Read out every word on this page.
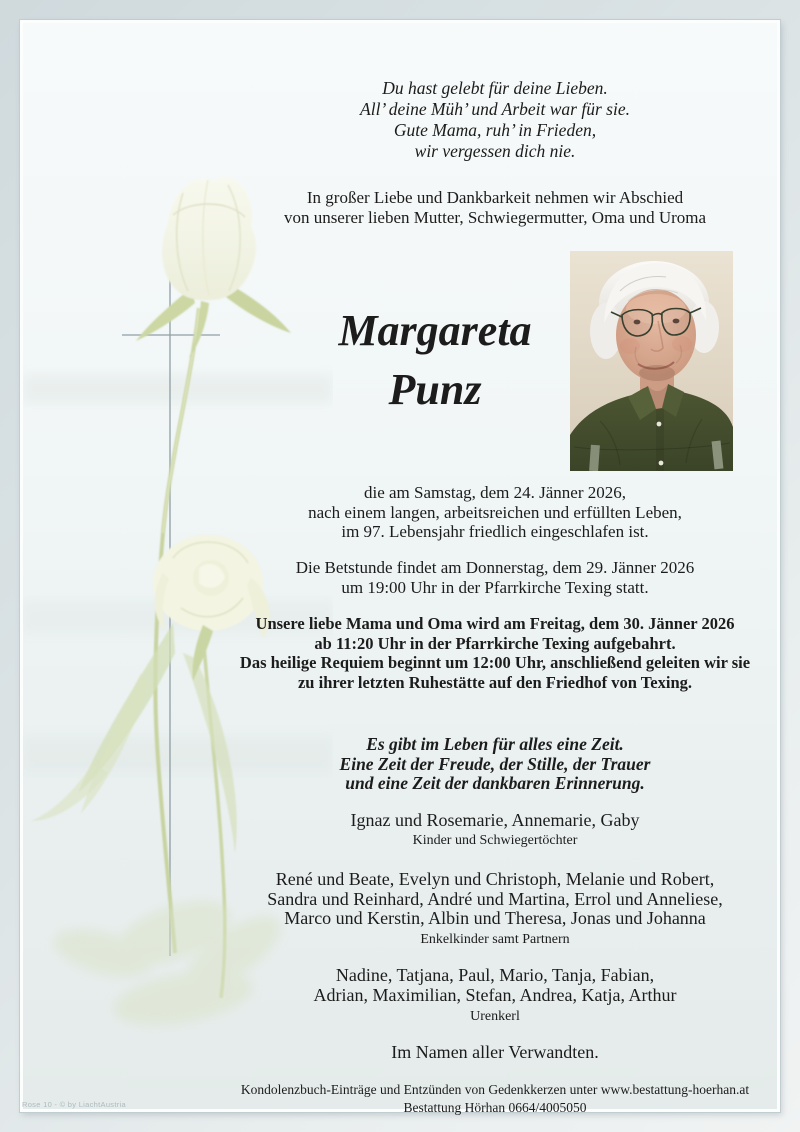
Du hast gelebt für deine Lieben.
All’ deine Müh’ und Arbeit war für sie.
Gute Mama, ruh’ in Frieden,
wir vergessen dich nie.
In großer Liebe und Dankbarkeit nehmen wir Abschied
von unserer lieben Mutter, Schwiegermutter, Oma und Uroma
Margareta
Punz
die am Samstag, dem 24. Jänner 2026,
nach einem langen, arbeitsreichen und erfüllten Leben,
im 97. Lebensjahr friedlich eingeschlafen ist.
Die Betstunde findet am Donnerstag, dem 29. Jänner 2026
um 19:00 Uhr in der Pfarrkirche Texing statt.
Unsere liebe Mama und Oma wird am Freitag, dem 30. Jänner 2026
ab 11:20 Uhr in der Pfarrkirche Texing aufgebahrt.
Das heilige Requiem beginnt um 12:00 Uhr, anschließend geleiten wir sie
zu ihrer letzten Ruhestätte auf den Friedhof von Texing.
Es gibt im Leben für alles eine Zeit.
Eine Zeit der Freude, der Stille, der Trauer
und eine Zeit der dankbaren Erinnerung.
Ignaz und Rosemarie, Annemarie, Gaby
Kinder und Schwiegertöchter
René und Beate, Evelyn und Christoph, Melanie und Robert,
Sandra und Reinhard, André und Martina, Errol und Anneliese,
Marco und Kerstin, Albin und Theresa, Jonas und Johanna
Enkelkinder samt Partnern
Nadine, Tatjana, Paul, Mario, Tanja, Fabian,
Adrian, Maximilian, Stefan, Andrea, Katja, Arthur
Urenkerl
Im Namen aller Verwandten.
Kondolenzbuch-Einträge und Entzünden von Gedenkkerzen unter www.bestattung-hoerhan.at
Bestattung Hörhan 0664/4005050
Rose 10 - © by LiachtAustria
